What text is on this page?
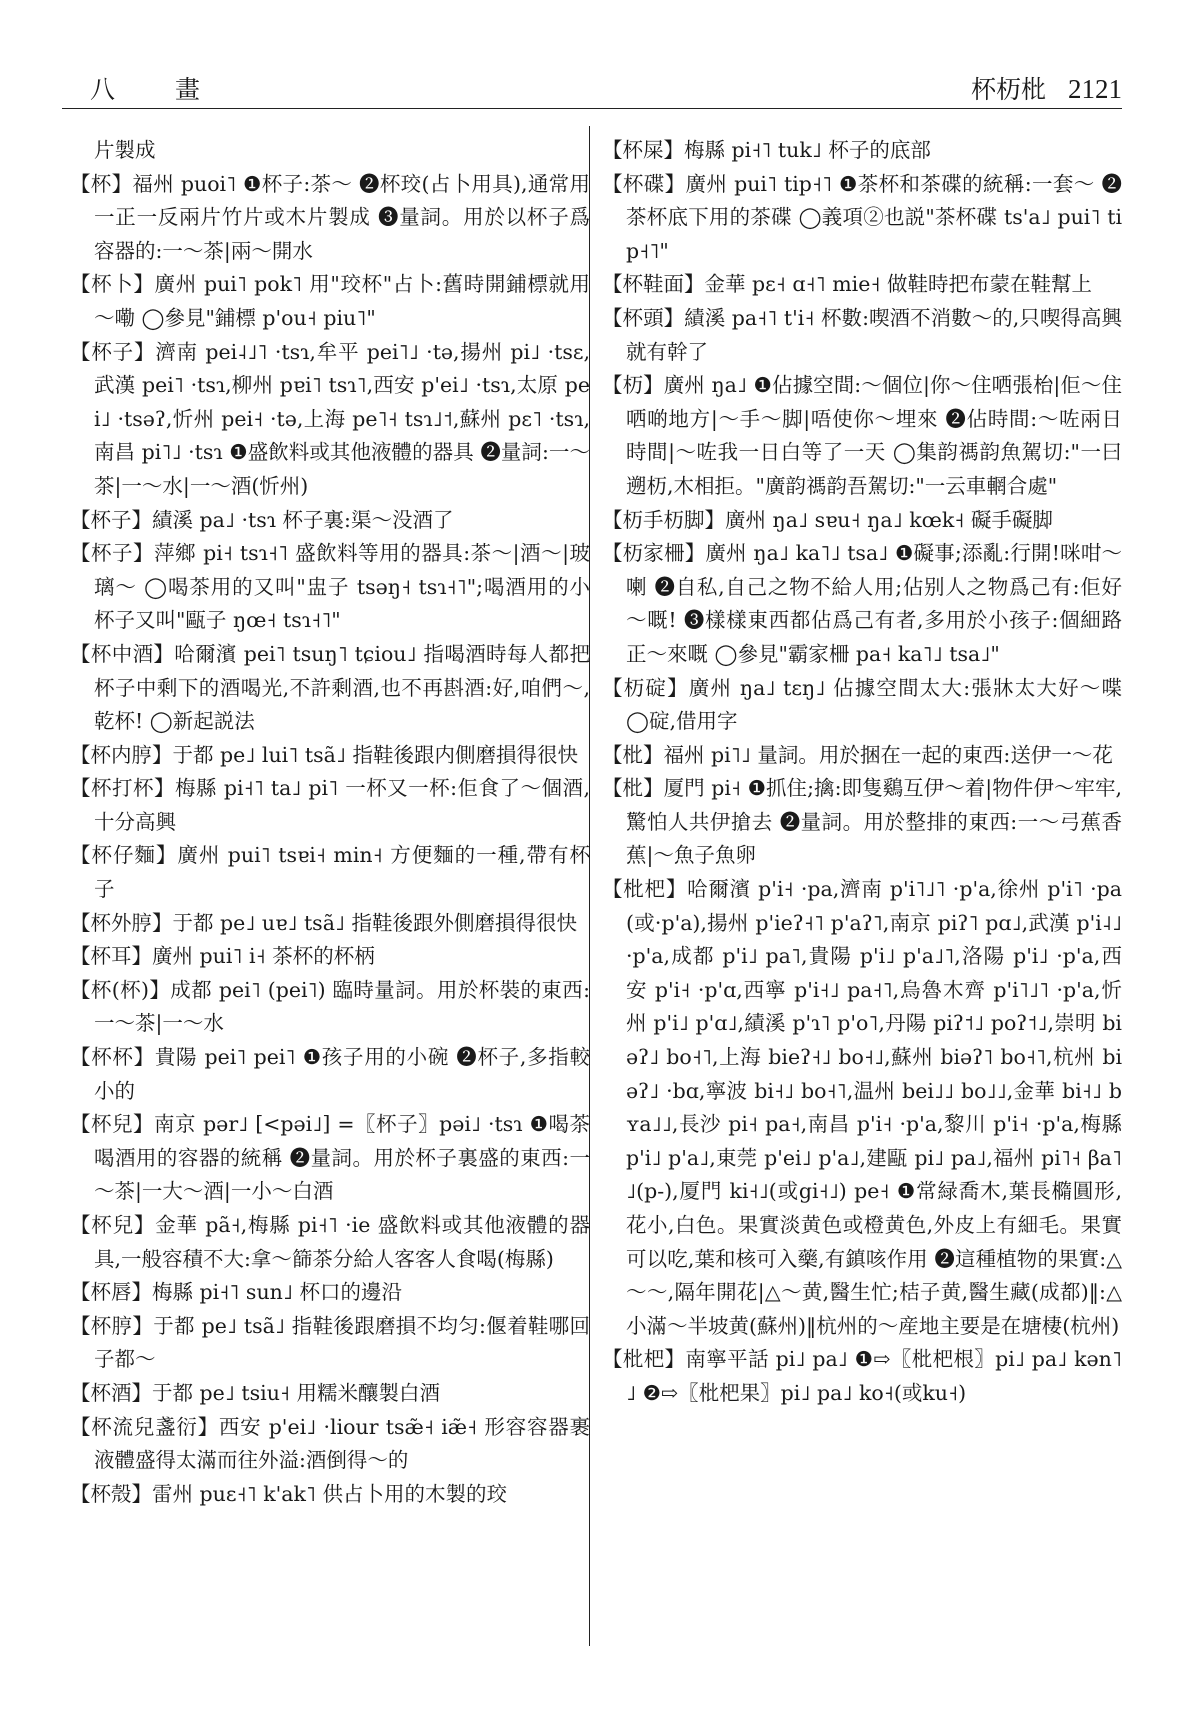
八 畫	杯杤枇 2121

片製成

【杯】福州 puoi˥ ❶杯子:茶～ ❷杯珓(占卜用具),通常用一正一反兩片竹片或木片製成 ❸量詞。用於以杯子爲容器的:一～茶|兩～開水

【杯卜】廣州 pui˥ pok˥ 用"珓杯"占卜:舊時開鋪標就用～嘞 ◯參見"鋪標 p'ou˧ piu˥"

【杯子】濟南 pei˨˩˥ ·tsɿ,牟平 pei˥˩ ·tə,揚州 pi˩ ·tsɛ,武漢 pei˥ ·tsɿ,柳州 pɐi˥ tsɿ˥,西安 p'ei˩ ·tsɿ,太原 pei˩ ·tsəʔ,忻州 pei˧ ·tə,上海 pe˥˧ tsɿ˩˦,蘇州 pɛ˥ ·tsɿ,南昌 pi˥˩ ·tsɿ ❶盛飲料或其他液體的器具 ❷量詞:一～茶|一～水|一～酒(忻州)

【杯子】績溪 pa˩ ·tsɿ 杯子裏:渠～没酒了

【杯子】萍鄉 pi˧ tsɿ˧˥ 盛飲料等用的器具:茶～|酒～|玻璃～ ◯喝茶用的又叫"盅子 tsəŋ˧ tsɿ˧˥";喝酒用的小杯子又叫"甌子 ŋœ˧ tsɿ˧˥"

【杯中酒】哈爾濱 pei˥ tsuŋ˥ tɕiou˩ 指喝酒時每人都把杯子中剩下的酒喝光,不許剩酒,也不再斟酒:好,咱們～,乾杯! ◯新起説法

【杯内脝】于都 pe˩ lui˥ tsã˩ 指鞋後跟内側磨損得很快

【杯打杯】梅縣 pi˧˥ ta˩ pi˥ 一杯又一杯:佢食了～個酒,十分高興

【杯仔麵】廣州 pui˥ tsɐi˧ min˧ 方便麵的一種,帶有杯子

【杯外脝】于都 pe˩ uɐ˩ tsã˩ 指鞋後跟外側磨損得很快

【杯耳】廣州 pui˥ i˧ 茶杯的杯柄

【杯(杯)】成都 pei˥ (pei˥) 臨時量詞。用於杯裝的東西:一～茶|一～水

【杯杯】貴陽 pei˥ pei˥ ❶孩子用的小碗 ❷杯子,多指較小的

【杯兒】南京 pər˩ [<pəi˩] =〖杯子〗pəi˩ ·tsɿ ❶喝茶喝酒用的容器的統稱 ❷量詞。用於杯子裏盛的東西:一～茶|一大～酒|一小～白酒

【杯兒】金華 pã˧,梅縣 pi˧˥ ·ie 盛飲料或其他液體的器具,一般容積不大:拿～篩茶分給人客客人食喝(梅縣)

【杯唇】梅縣 pi˧˥ sun˩ 杯口的邊沿

【杯脝】于都 pe˩ tsã˩ 指鞋後跟磨損不均匀:偃着鞋哪回子都～

【杯酒】于都 pe˩ tsiu˧ 用糯米釀製白酒

【杯流兒盞衍】西安 p'ei˩ ·liour tsæ̃˧ iæ̃˧ 形容容器裹液體盛得太滿而往外溢:酒倒得～的

【杯殼】雷州 puɛ˧˥ k'ak˥ 供占卜用的木製的珓

【杯屎】梅縣 pi˧˥ tuk˩ 杯子的底部

【杯碟】廣州 pui˥ tip˧˥ ❶茶杯和茶碟的統稱:一套～ ❷茶杯底下用的茶碟 ◯義項②也説"茶杯碟 ts'a˩ pui˥ tip˧˥"

【杯鞋面】金華 pɛ˧ ɑ˧˥ mie˧ 做鞋時把布蒙在鞋幫上

【杯頭】績溪 pa˧˥ t'i˧ 杯數:喫酒不消數～的,只喫得高興就有幹了

【杤】廣州 ŋa˩ ❶佔據空間:～個位|你～住哂張枱|佢～住哂啲地方|～手～脚|唔使你～埋來 ❷佔時間:～咗兩日時間|～咗我一日白等了一天 ◯集韵禡韵魚駕切:"一曰遡杤,木相拒。"廣韵禡韵吾駕切:"一云車輞合處"

【杤手杤脚】廣州 ŋa˩ sɐu˧ ŋa˩ kœk˧ 礙手礙脚

【杤家柵】廣州 ŋa˩ ka˥˩ tsa˩ ❶礙事;添亂:行開!咪咁～喇 ❷自私,自己之物不給人用;佔别人之物爲己有:佢好～嘅! ❸樣樣東西都佔爲己有者,多用於小孩子:個細路正～來嘅 ◯參見"霸家柵 pa˧ ka˥˩ tsa˩"

【杤碇】廣州 ŋa˩ tɛŋ˩ 佔據空間太大:張牀太大好～喋 ◯碇,借用字

【枇】福州 pi˥˩ 量詞。用於捆在一起的東西:送伊一～花

【枇】厦門 pi˧ ❶抓住;擒:即隻鷄互伊～着|物件伊～牢牢,驚怕人共伊搶去 ❷量詞。用於整排的東西:一～弓蕉香蕉|～魚子魚卵

【枇杷】哈爾濱 p'i˧ ·pa,濟南 p'i˥˩˥ ·p'a,徐州 p'i˥ ·pa(或·p'a),揚州 p'ieʔ˧˥ p'aʔ˥,南京 piʔ˥ pɑ˩,武漢 p'i˨˩ ·p'a,成都 p'i˩ pa˥,貴陽 p'i˩ p'a˩˥,洛陽 p'i˩ ·p'a,西安 p'i˧ ·p'ɑ,西寧 p'i˧˩ pa˧˥,烏魯木齊 p'i˥˩˥ ·p'a,忻州 p'i˩ p'ɑ˩,績溪 p'ɿ˥ p'o˥,丹陽 piʔ˦˩ poʔ˦˩,崇明 biəʔ˩ bo˧˥,上海 bieʔ˧˩ bo˧˩,蘇州 biəʔ˥ bo˧˥,杭州 biəʔ˩ ·bɑ,寧波 bi˧˩ bo˧˥,温州 bei˩˩ bo˩˩,金華 bi˧˩ bʏa˩˩,長沙 pi˧ pa˧,南昌 p'i˧ ·p'a,黎川 p'i˧ ·p'a,梅縣 p'i˩ p'a˩,東莞 p'ei˩ p'a˩,建甌 pi˩ pa˩,福州 pi˥˧ βa˥˩(p-),厦門 ki˧˩(或gi˧˩) pe˧ ❶常緑喬木,葉長橢圓形,花小,白色。果實淡黄色或橙黄色,外皮上有細毛。果實可以吃,葉和核可入藥,有鎮咳作用 ❷這種植物的果實:△～～,隔年開花|△～黄,醫生忙;桔子黄,醫生藏(成都)‖:△小滿～半坡黄(蘇州)‖杭州的～産地主要是在塘棲(杭州)

【枇杷】南寧平話 pi˩ pa˩ ❶⇨〖枇杷根〗pi˩ pa˩ kən˥˩ ❷⇨〖枇杷果〗pi˩ pa˩ ko˧(或ku˧)
